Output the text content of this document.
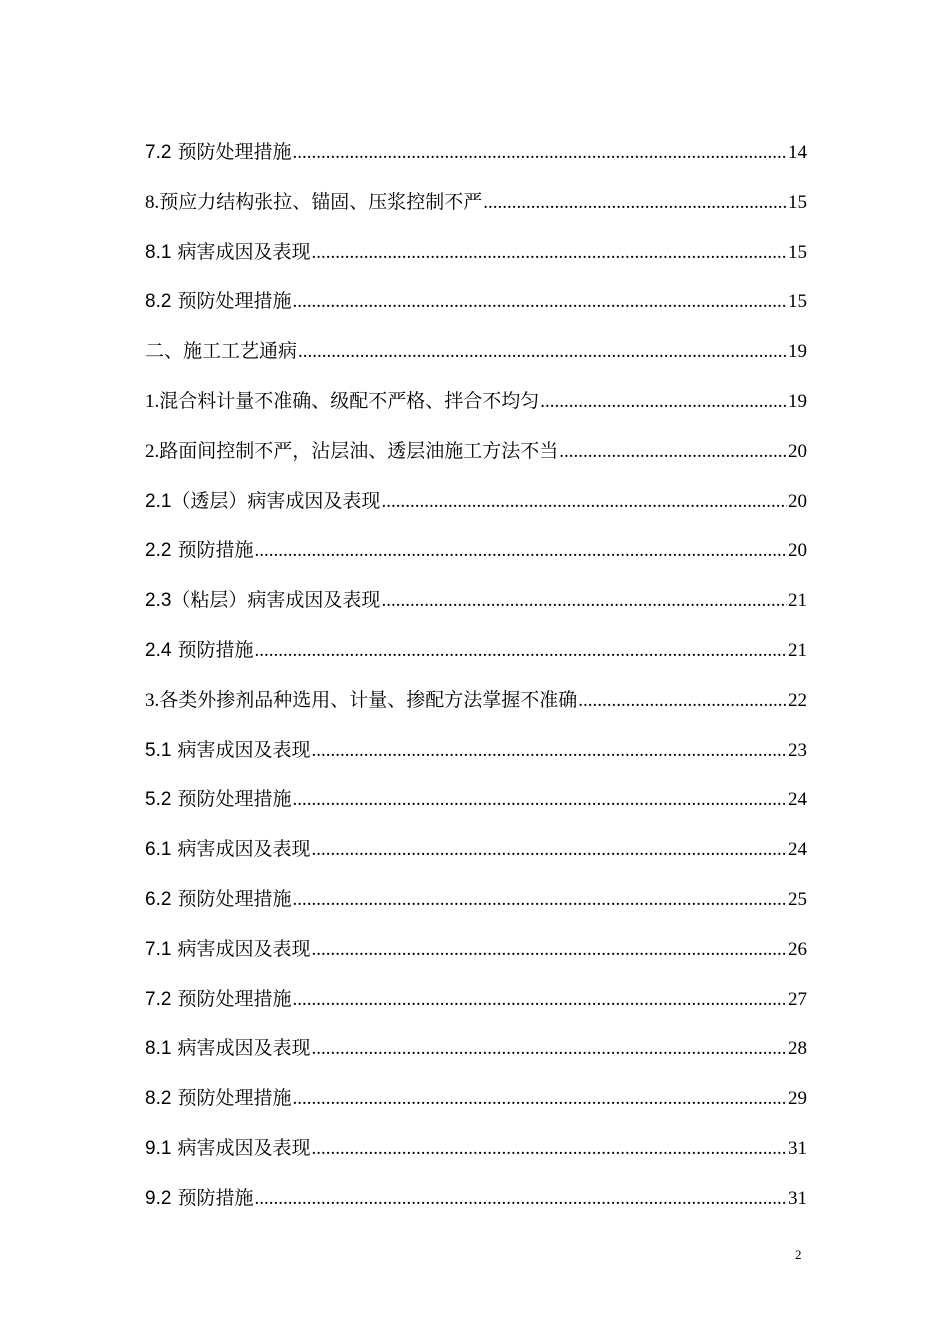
7.2 预防处理措施 .....	14
8.预应力结构张拉、锚固、压浆控制不严 .....	15
8.1 病害成因及表现 .....	15
8.2 预防处理措施 .....	15
二、施工工艺通病 .....	19
1.混合料计量不准确、级配不严格、拌合不均匀 .....	19
2.路面间控制不严，沾层油、透层油施工方法不当 .....	20
2.1（透层）病害成因及表现 .....	20
2.2 预防措施 .....	20
2.3（粘层）病害成因及表现 .....	21
2.4 预防措施 .....	21
3.各类外掺剂品种选用、计量、掺配方法掌握不准确 .....	22
5.1 病害成因及表现 .....	23
5.2 预防处理措施 .....	24
6.1 病害成因及表现 .....	24
6.2 预防处理措施 .....	25
7.1 病害成因及表现 .....	26
7.2 预防处理措施 .....	27
8.1 病害成因及表现 .....	28
8.2 预防处理措施 .....	29
9.1 病害成因及表现 .....	31
9.2 预防措施 .....	31
2
